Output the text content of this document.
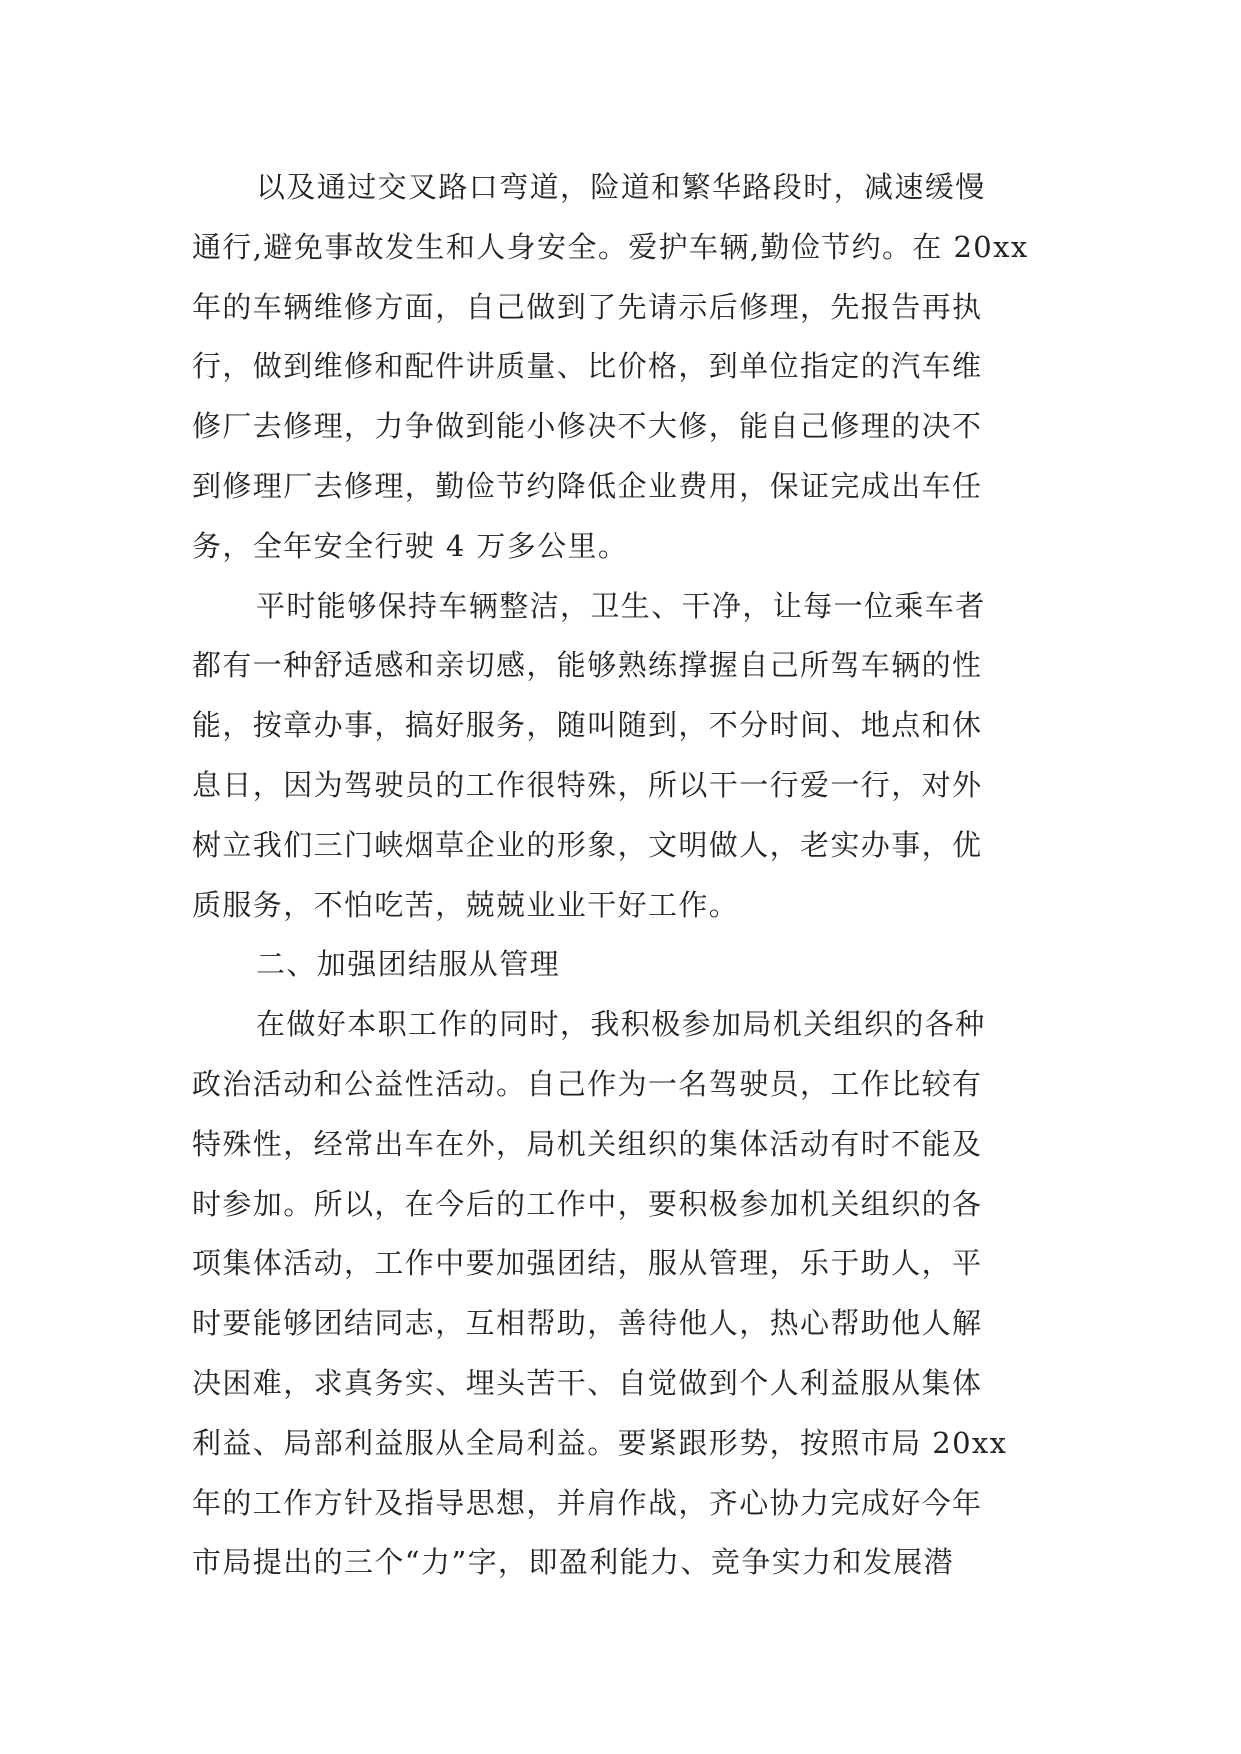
以及通过交叉路口弯道，险道和繁华路段时，减速缓慢
通行,避免事故发生和人身安全。爱护车辆,勤俭节约。在 20xx
年的车辆维修方面，自己做到了先请示后修理，先报告再执
行，做到维修和配件讲质量、比价格，到单位指定的汽车维
修厂去修理，力争做到能小修决不大修，能自己修理的决不
到修理厂去修理，勤俭节约降低企业费用，保证完成出车任
务，全年安全行驶 4 万多公里。
平时能够保持车辆整洁，卫生、干净，让每一位乘车者
都有一种舒适感和亲切感，能够熟练撑握自己所驾车辆的性
能，按章办事，搞好服务，随叫随到，不分时间、地点和休
息日，因为驾驶员的工作很特殊，所以干一行爱一行，对外
树立我们三门峡烟草企业的形象，文明做人，老实办事，优
质服务，不怕吃苦，兢兢业业干好工作。
二、加强团结服从管理
在做好本职工作的同时，我积极参加局机关组织的各种
政治活动和公益性活动。自己作为一名驾驶员，工作比较有
特殊性，经常出车在外，局机关组织的集体活动有时不能及
时参加。所以，在今后的工作中，要积极参加机关组织的各
项集体活动，工作中要加强团结，服从管理，乐于助人，平
时要能够团结同志，互相帮助，善待他人，热心帮助他人解
决困难，求真务实、埋头苦干、自觉做到个人利益服从集体
利益、局部利益服从全局利益。要紧跟形势，按照市局 20xx
年的工作方针及指导思想，并肩作战，齐心协力完成好今年
市局提出的三个“力”字，即盈利能力、竞争实力和发展潜
